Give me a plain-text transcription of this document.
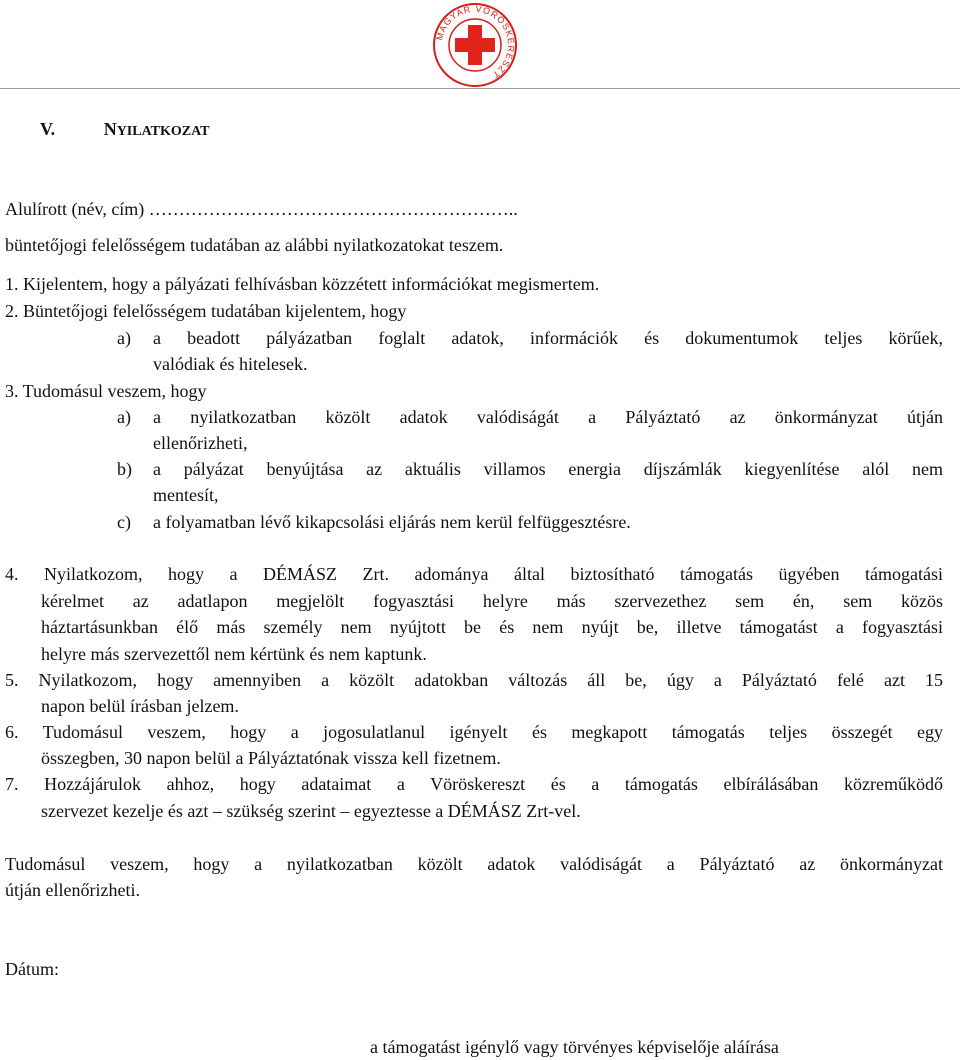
MAGYAR VÖRÖSKERESZT
V.	NYILATKOZAT
Alulírott (név, cím) ……………………………………………………..
büntetőjogi felelősségem tudatában az alábbi nyilatkozatokat teszem.
1. Kijelentem, hogy a pályázati felhívásban közzétett információkat megismertem.
2. Büntetőjogi felelősségem tudatában kijelentem, hogy
a) a beadott pályázatban foglalt adatok, információk és dokumentumok teljes körűek,
valódiak és hitelesek.
3. Tudomásul veszem, hogy
a) a nyilatkozatban közölt adatok valódiságát a Pályáztató az önkormányzat útján
ellenőrizheti,
b) a pályázat benyújtása az aktuális villamos energia díjszámlák kiegyenlítése alól nem
mentesít,
c) a folyamatban lévő kikapcsolási eljárás nem kerül felfüggesztésre.
4. Nyilatkozom, hogy a DÉMÁSZ Zrt. adománya által biztosítható támogatás ügyében támogatási
kérelmet az adatlapon megjelölt fogyasztási helyre más szervezethez sem én, sem közös
háztartásunkban élő más személy nem nyújtott be és nem nyújt be, illetve támogatást a fogyasztási
helyre más szervezettől nem kértünk és nem kaptunk.
5. Nyilatkozom, hogy amennyiben a közölt adatokban változás áll be, úgy a Pályáztató felé azt 15
napon belül írásban jelzem.
6. Tudomásul veszem, hogy a jogosulatlanul igényelt és megkapott támogatás teljes összegét egy
összegben, 30 napon belül a Pályáztatónak vissza kell fizetnem.
7. Hozzájárulok ahhoz, hogy adataimat a Vöröskereszt és a támogatás elbírálásában közreműködő
szervezet kezelje és azt – szükség szerint – egyeztesse a DÉMÁSZ Zrt-vel.
Tudomásul veszem, hogy a nyilatkozatban közölt adatok valódiságát a Pályáztató az önkormányzat
útján ellenőrizheti.
Dátum:
a támogatást igénylő vagy törvényes képviselője aláírása
